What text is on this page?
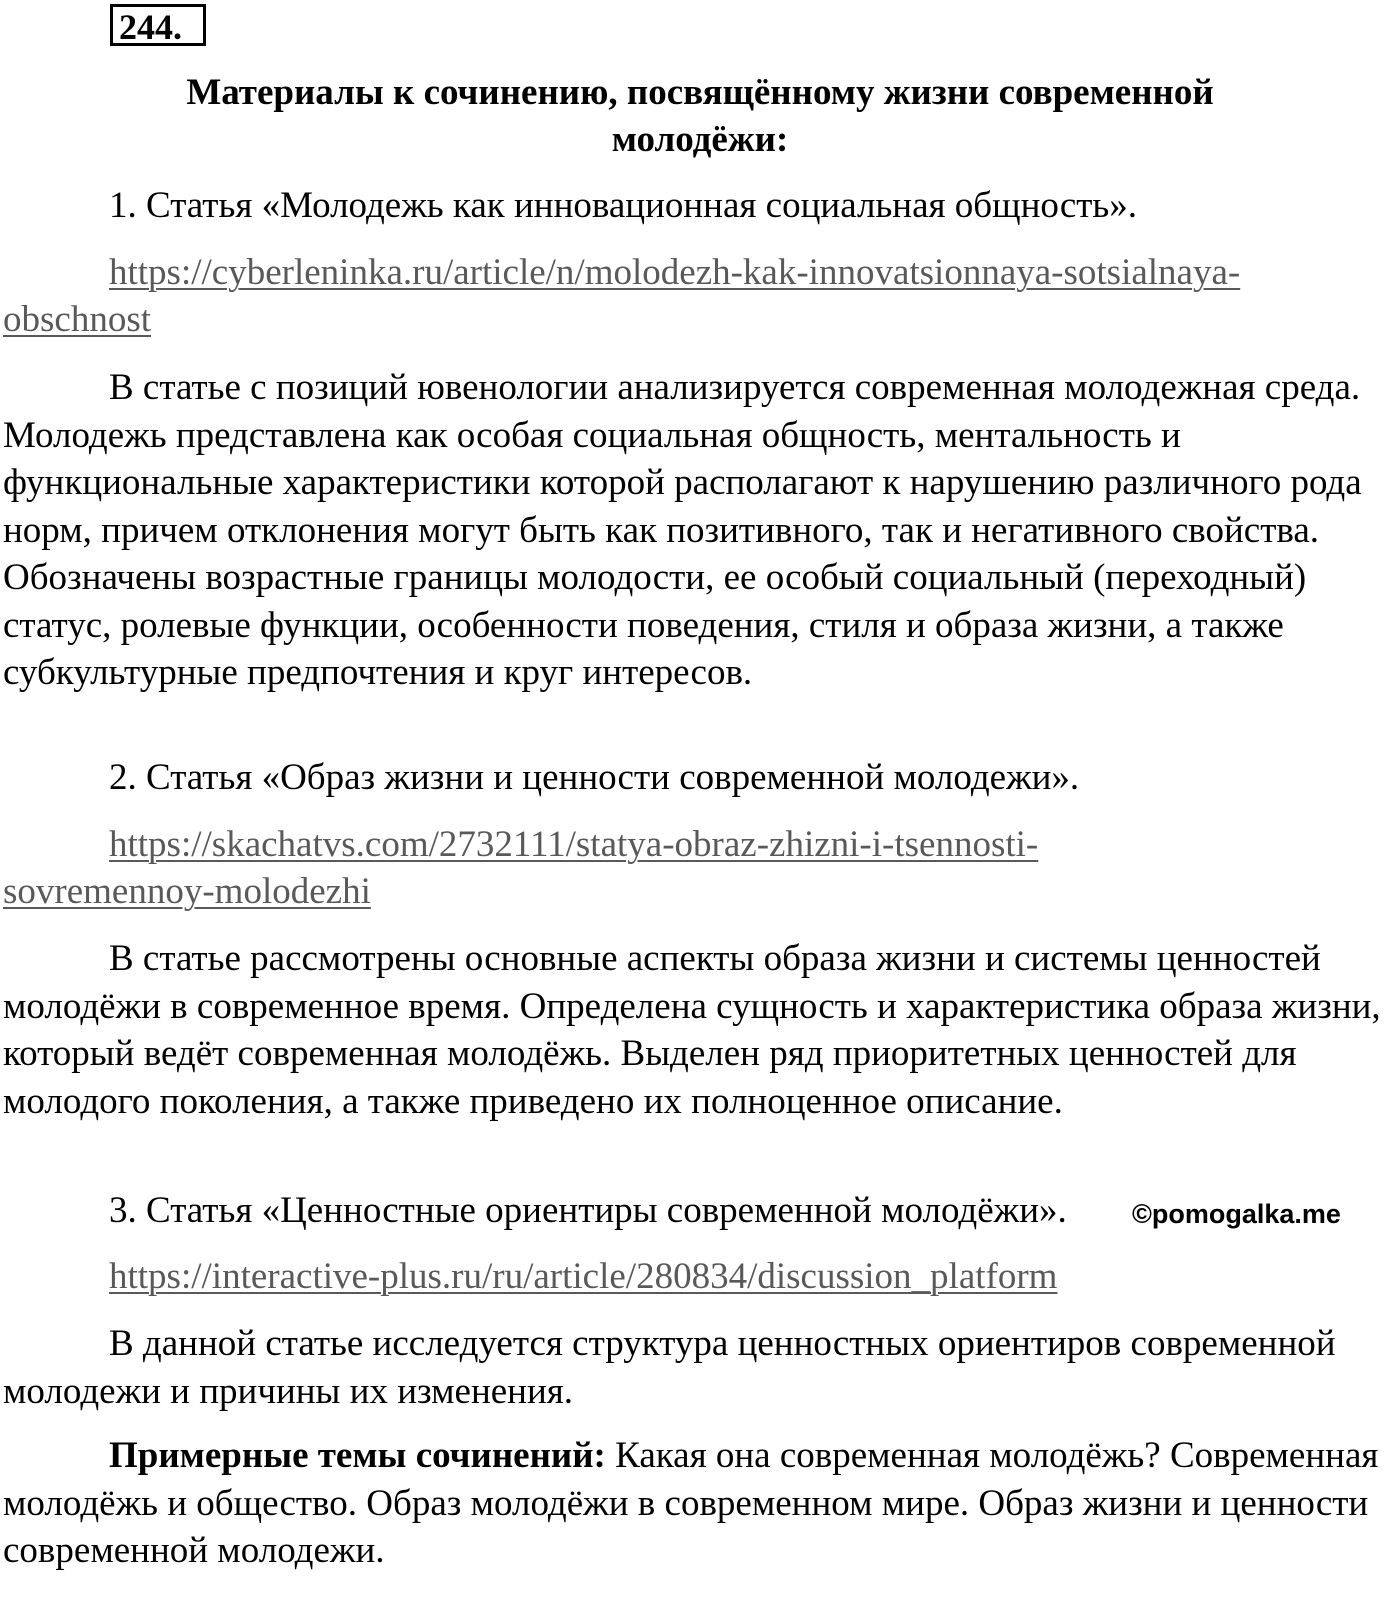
244.
Материалы к сочинению, посвящённому жизни современной
молодёжи:
1. Статья «Молодежь как инновационная социальная общность».
https://cyberleninka.ru/article/n/molodezh-kak-innovatsionnaya-sotsialnaya-
obschnost
В статье с позиций ювенологии анализируется современная молодежная среда. Молодежь представлена как особая социальная общность, ментальность и функциональные характеристики которой располагают к нарушению различного рода норм, причем отклонения могут быть как позитивного, так и негативного свойства. Обозначены возрастные границы молодости, ее особый социальный (переходный) статус, ролевые функции, особенности поведения, стиля и образа жизни, а также субкультурные предпочтения и круг интересов.
2. Статья «Образ жизни и ценности современной молодежи».
https://skachatvs.com/2732111/statya-obraz-zhizni-i-tsennosti-
sovremennoy-molodezhi
В статье рассмотрены основные аспекты образа жизни и системы ценностей молодёжи в современное время. Определена сущность и характеристика образа жизни, который ведёт современная молодёжь. Выделен ряд приоритетных ценностей для молодого поколения, а также приведено их полноценное описание.
3. Статья «Ценностные ориентиры современной молодёжи».
https://interactive-plus.ru/ru/article/280834/discussion_platform
В данной статье исследуется структура ценностных ориентиров современной молодежи и причины их изменения.
Примерные темы сочинений: Какая она современная молодёжь? Современная молодёжь и общество. Образ молодёжи в современном мире. Образ жизни и ценности современной молодежи.
©pomogalka.me
